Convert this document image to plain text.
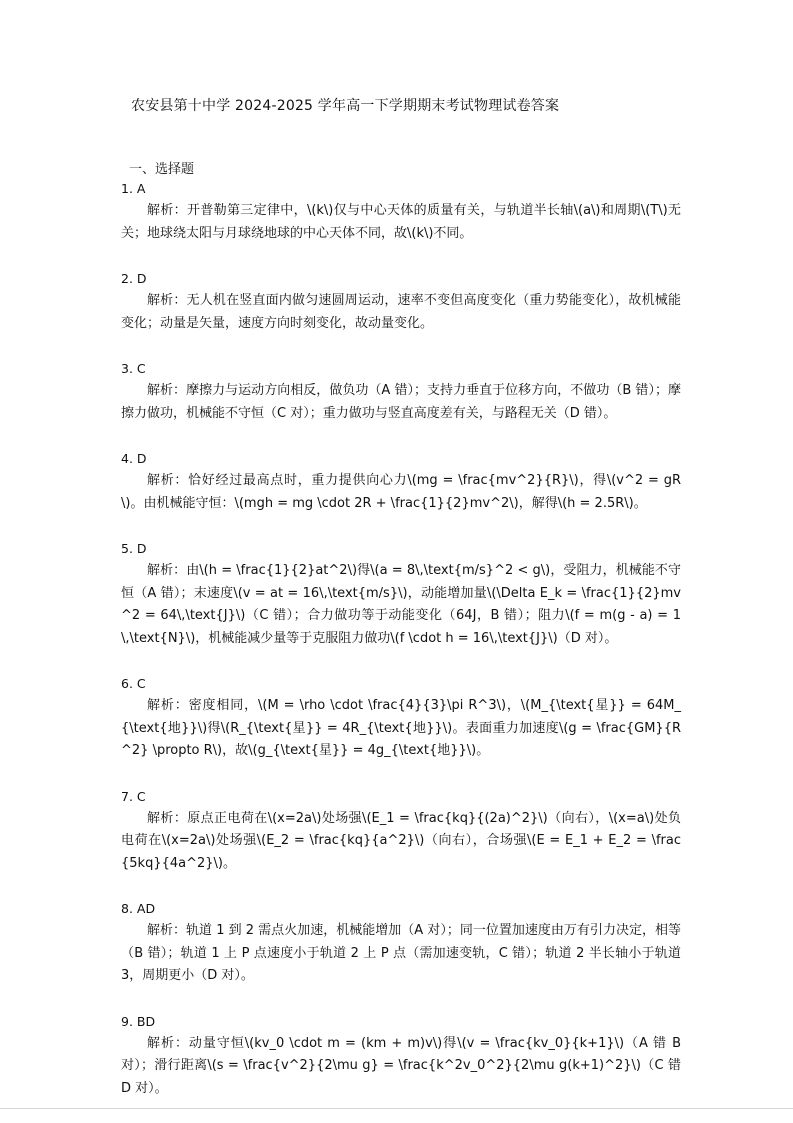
农安县第十中学 2024-2025 学年高一下学期期末考试物理试卷答案
一、选择题
1. A

解析：开普勒第三定律中，\(k\)仅与中心天体的质量有关，与轨道半长轴\(a\)和周期\(T\)无关；地球绕太阳与月球绕地球的中心天体不同，故\(k\)不同。

2. D

解析：无人机在竖直面内做匀速圆周运动，速率不变但高度变化（重力势能变化），故机械能变化；动量是矢量，速度方向时刻变化，故动量变化。

3. C

解析：摩擦力与运动方向相反，做负功（A 错）；支持力垂直于位移方向，不做功（B 错）；摩擦力做功，机械能不守恒（C 对）；重力做功与竖直高度差有关，与路程无关（D 错）。

4. D

解析：恰好经过最高点时，重力提供向心力\(mg = \frac{mv^2}{R}\)，得\(v^2 = gR\)。由机械能守恒：\(mgh = mg \cdot 2R + \frac{1}{2}mv^2\)，解得\(h = 2.5R\)。

5. D

解析：由\(h = \frac{1}{2}at^2\)得\(a = 8\,\text{m/s}^2 < g\)，受阻力，机械能不守恒（A 错）；末速度\(v = at = 16\,\text{m/s}\)，动能增加量\(\Delta E_k = \frac{1}{2}mv^2 = 64\,\text{J}\)（C 错）；合力做功等于动能变化（64J，B 错）；阻力\(f = m(g - a) = 1\,\text{N}\)，机械能减少量等于克服阻力做功\(f \cdot h = 16\,\text{J}\)（D 对）。

6. C

解析：密度相同，\(M = \rho \cdot \frac{4}{3}\pi R^3\)，\(M_{\text{星}} = 64M_{\text{地}}\)得\(R_{\text{星}} = 4R_{\text{地}}\)。表面重力加速度\(g = \frac{GM}{R^2} \propto R\)，故\(g_{\text{星}} = 4g_{\text{地}}\)。

7. C

解析：原点正电荷在\(x=2a\)处场强\(E_1 = \frac{kq}{(2a)^2}\)（向右），\(x=a\)处负电荷在\(x=2a\)处场强\(E_2 = \frac{kq}{a^2}\)（向右），合场强\(E = E_1 + E_2 = \frac{5kq}{4a^2}\)。

8. AD

解析：轨道 1 到 2 需点火加速，机械能增加（A 对）；同一位置加速度由万有引力决定，相等（B 错）；轨道 1 上 P 点速度小于轨道 2 上 P 点（需加速变轨，C 错）；轨道 2 半长轴小于轨道 3，周期更小（D 对）。

9. BD

解析：动量守恒\(kv_0 \cdot m = (km + m)v\)得\(v = \frac{kv_0}{k+1}\)（A 错 B 对）；滑行距离\(s = \frac{v^2}{2\mu g} = \frac{k^2v_0^2}{2\mu g(k+1)^2}\)（C 错 D 对）。
